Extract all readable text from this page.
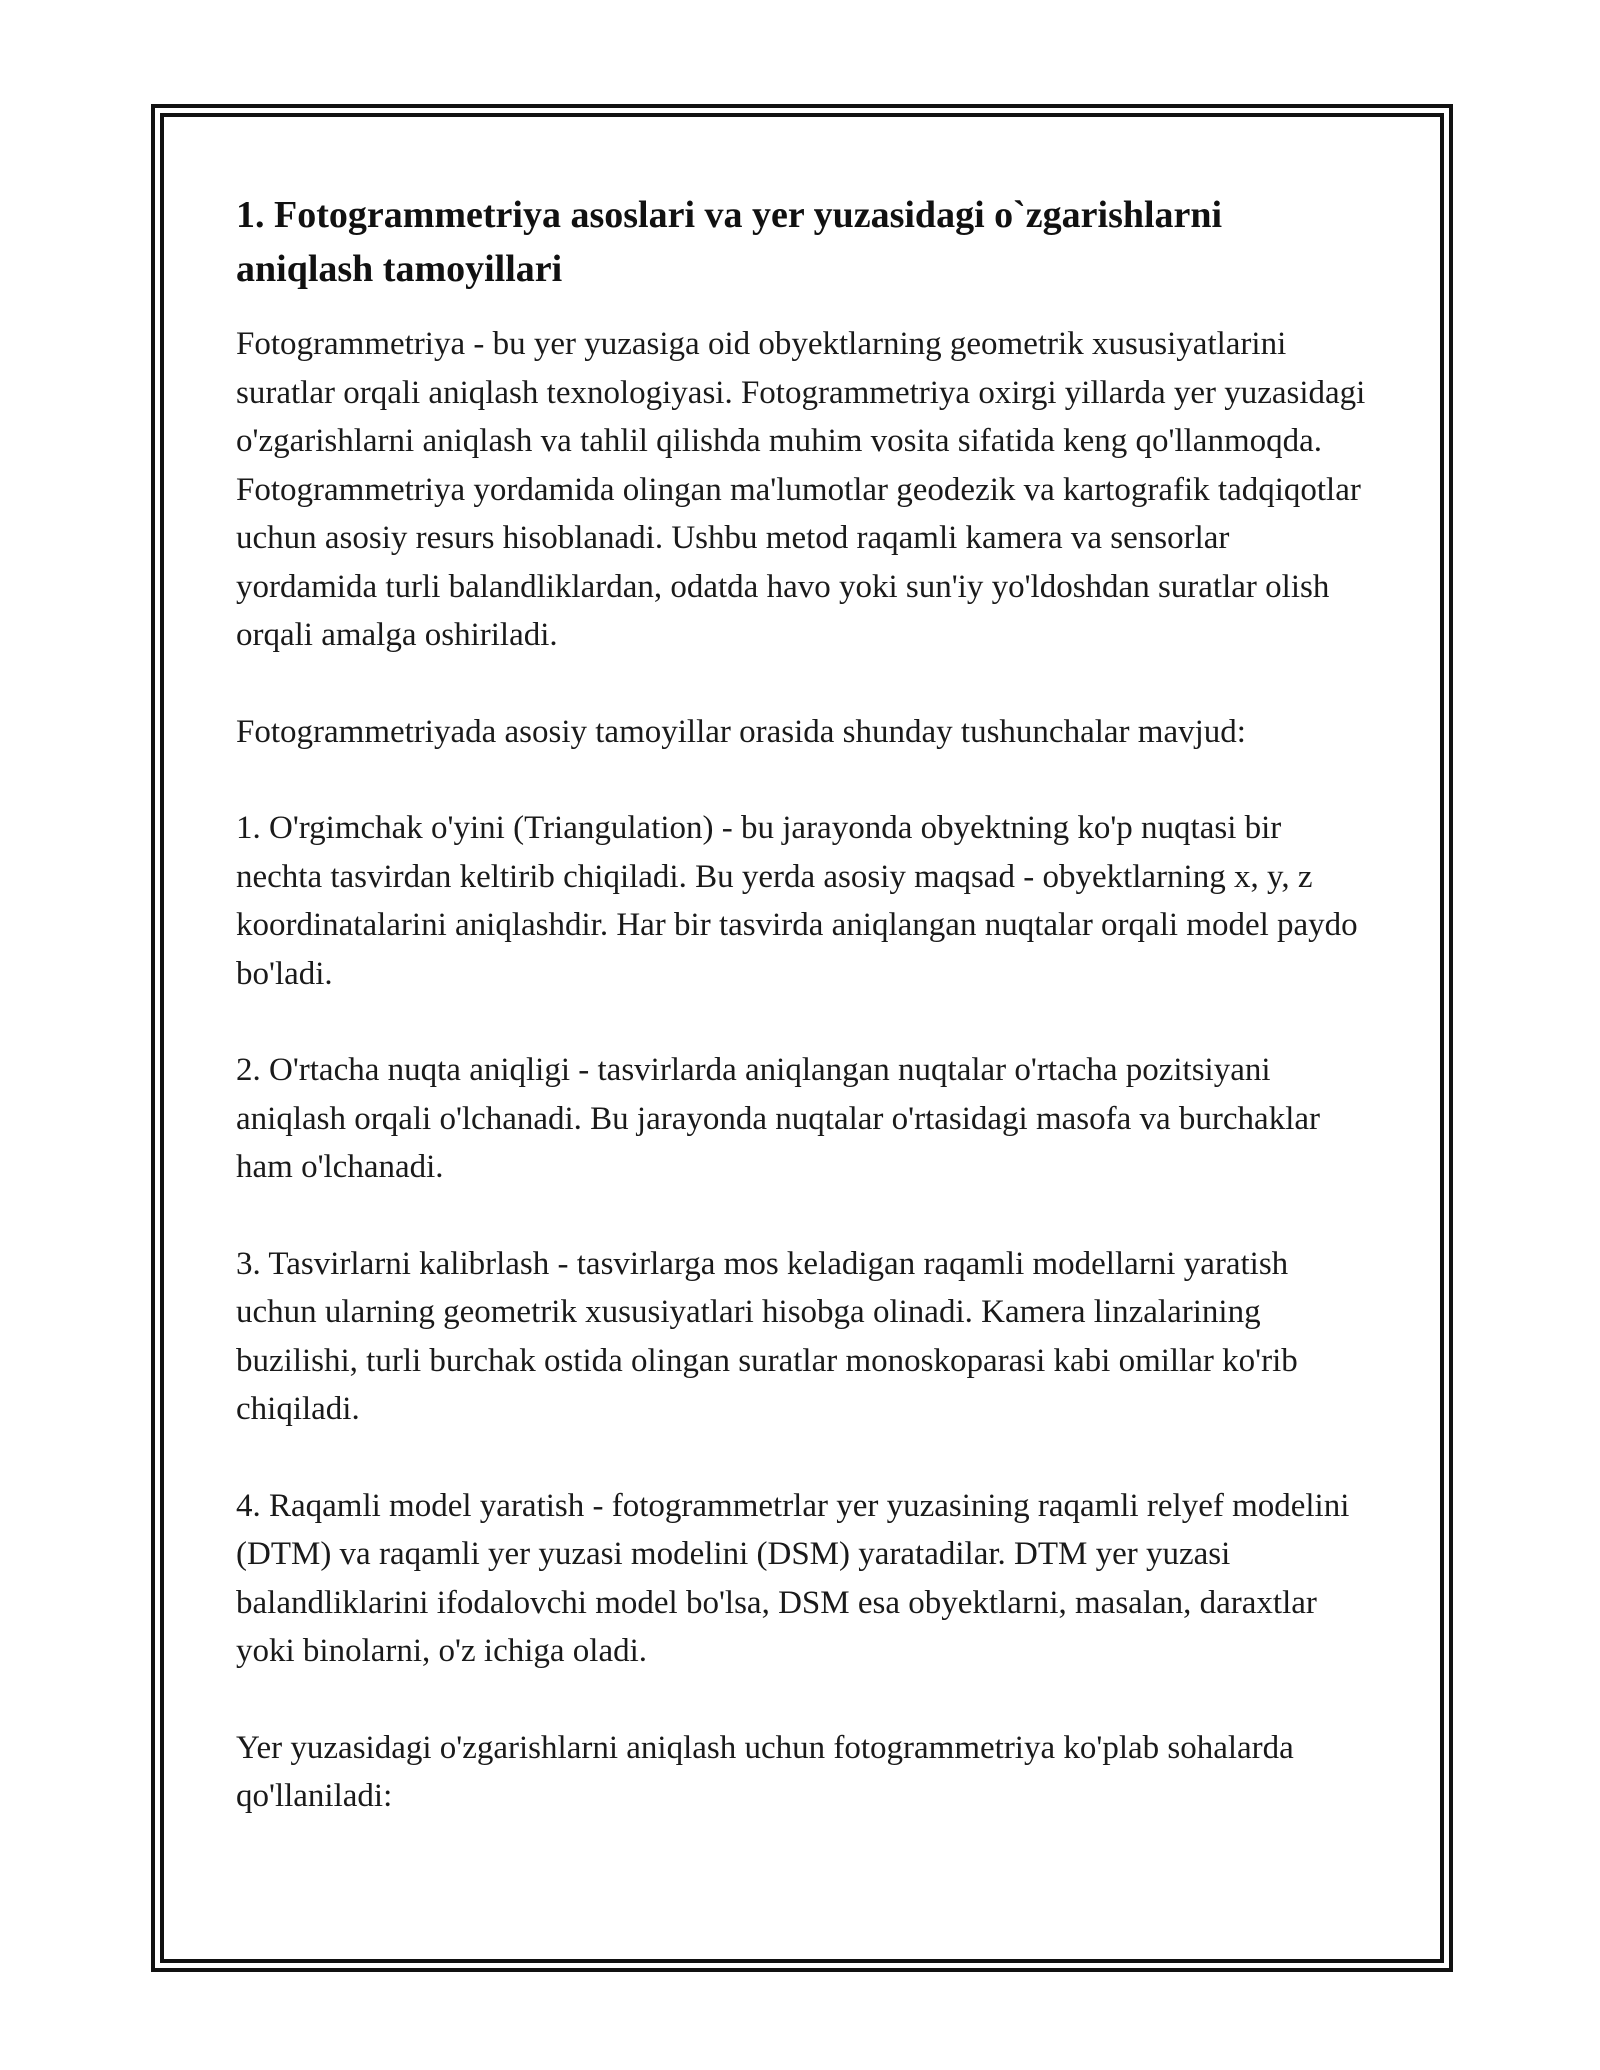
1. Fotogrammetriya asoslari va yer yuzasidagi o`zgarishlarni aniqlash tamoyillari

Fotogrammetriya - bu yer yuzasiga oid obyektlarning geometrik xususiyatlarini suratlar orqali aniqlash texnologiyasi. Fotogrammetriya oxirgi yillarda yer yuzasidagi o'zgarishlarni aniqlash va tahlil qilishda muhim vosita sifatida keng qo'llanmoqda. Fotogrammetriya yordamida olingan ma'lumotlar geodezik va kartografik tadqiqotlar uchun asosiy resurs hisoblanadi. Ushbu metod raqamli kamera va sensorlar yordamida turli balandliklardan, odatda havo yoki sun'iy yo'ldoshdan suratlar olish orqali amalga oshiriladi.

Fotogrammetriyada asosiy tamoyillar orasida shunday tushunchalar mavjud:

1. O'rgimchak o'yini (Triangulation) - bu jarayonda obyektning ko'p nuqtasi bir nechta tasvirdan keltirib chiqiladi. Bu yerda asosiy maqsad - obyektlarning x, y, z koordinatalarini aniqlashdir. Har bir tasvirda aniqlangan nuqtalar orqali model paydo bo'ladi.

2. O'rtacha nuqta aniqligi - tasvirlarda aniqlangan nuqtalar o'rtacha pozitsiyani aniqlash orqali o'lchanadi. Bu jarayonda nuqtalar o'rtasidagi masofa va burchaklar ham o'lchanadi.

3. Tasvirlarni kalibrlash - tasvirlarga mos keladigan raqamli modellarni yaratish uchun ularning geometrik xususiyatlari hisobga olinadi. Kamera linzalarining buzilishi, turli burchak ostida olingan suratlar monoskoparasi kabi omillar ko'rib chiqiladi.

4. Raqamli model yaratish - fotogrammetrlar yer yuzasining raqamli relyef modelini (DTM) va raqamli yer yuzasi modelini (DSM) yaratadilar. DTM yer yuzasi balandliklarini ifodalovchi model bo'lsa, DSM esa obyektlarni, masalan, daraxtlar yoki binolarni, o'z ichiga oladi.

Yer yuzasidagi o'zgarishlarni aniqlash uchun fotogrammetriya ko'plab sohalarda qo'llaniladi:
